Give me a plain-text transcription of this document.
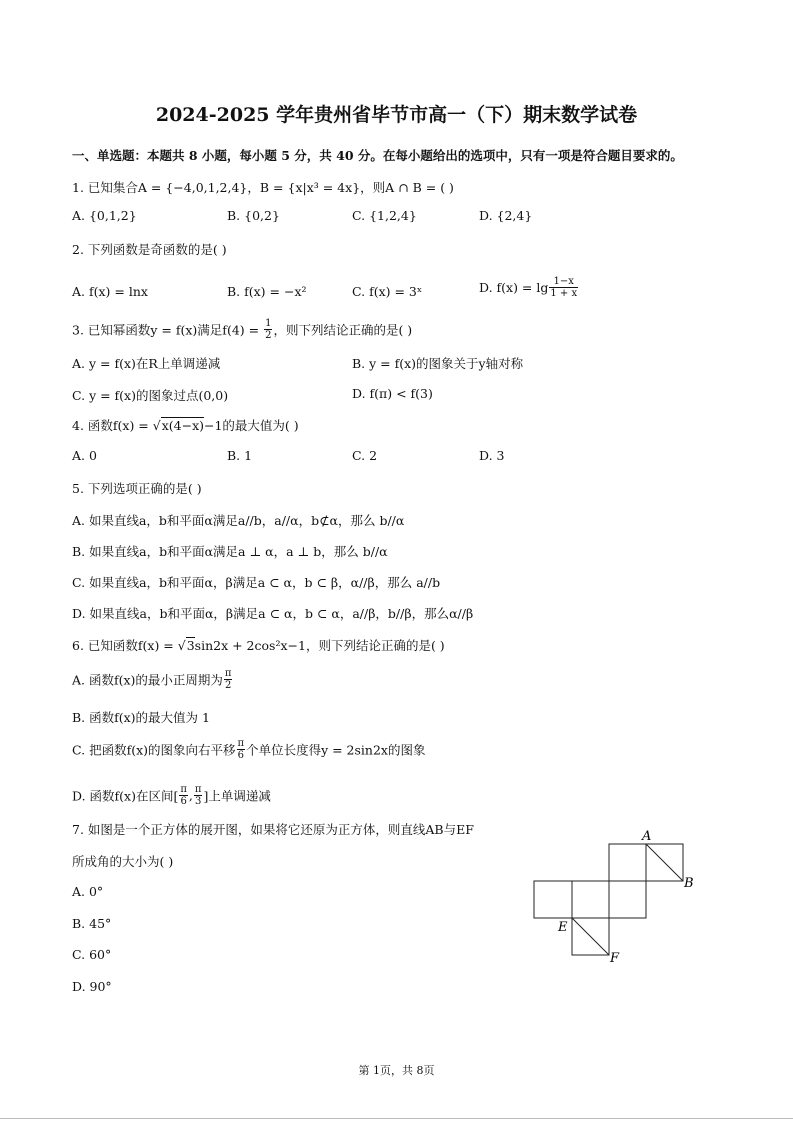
2024-2025 学年贵州省毕节市高一（下）期末数学试卷
一、单选题：本题共 8 小题，每小题 5 分，共 40 分。在每小题给出的选项中，只有一项是符合题目要求的。
1. 已知集合A = {−4,0,1,2,4}，B = {x|x³ = 4x}，则A ∩ B = ( )
A. {0,1,2}	B. {0,2}	C. {1,2,4}	D. {2,4}
2. 下列函数是奇函数的是( )
A. f(x) = lnx	B. f(x) = −x²	C. f(x) = 3ˣ	D. $f(x) = \lg \frac{1-x}{1 + x}$
3. 已知幂函数y = f(x)满足$f(4) = \frac{1}{2}$ ，则下列结论正确的是( )
A. y = f(x)在R上单调递减	B. y = f(x)的图象关于y轴对称
C. y = f(x)的图象过点(0,0)	D. f(π) < f(3)
4. 函数f(x) = √x(4−x)−1的最大值为( )
A. 0	B. 1	C. 2	D. 3
5. 下列选项正确的是( )
A. 如果直线a，b和平面α满足a//b，a//α，b⊄α，那么 b//α
B. 如果直线a，b和平面α满足a ⊥ α，a ⊥ b，那么 b//α
C. 如果直线a，b和平面α，β满足a ⊂ α，b ⊂ β，α//β，那么 a//b
D. 如果直线a，b和平面α，β满足a ⊂ α，b ⊂ α，a//β，b//β，那么α//β
6. 已知函数f(x) = √3sin2x + 2cos²x−1，则下列结论正确的是( )
A. 函数f(x)的最小正周期为 $\frac{\pi}{2}$
B. 函数f(x)的最大值为 1
C. 把函数f(x)的图象向右平移 $\frac{\pi}{6}$ 个单位长度得y = 2sin2x的图象
D. 函数f(x)在区间[ $\frac{\pi}{6}$ , $\frac{\pi}{3}$ ]上单调递减
7. 如图是一个正方体的展开图，如果将它还原为正方体，则直线AB与EF
所成角的大小为( )
A. 0°
B. 45°
C. 60°
D. 90°
A
B
E
F
第 1页，共 8页
